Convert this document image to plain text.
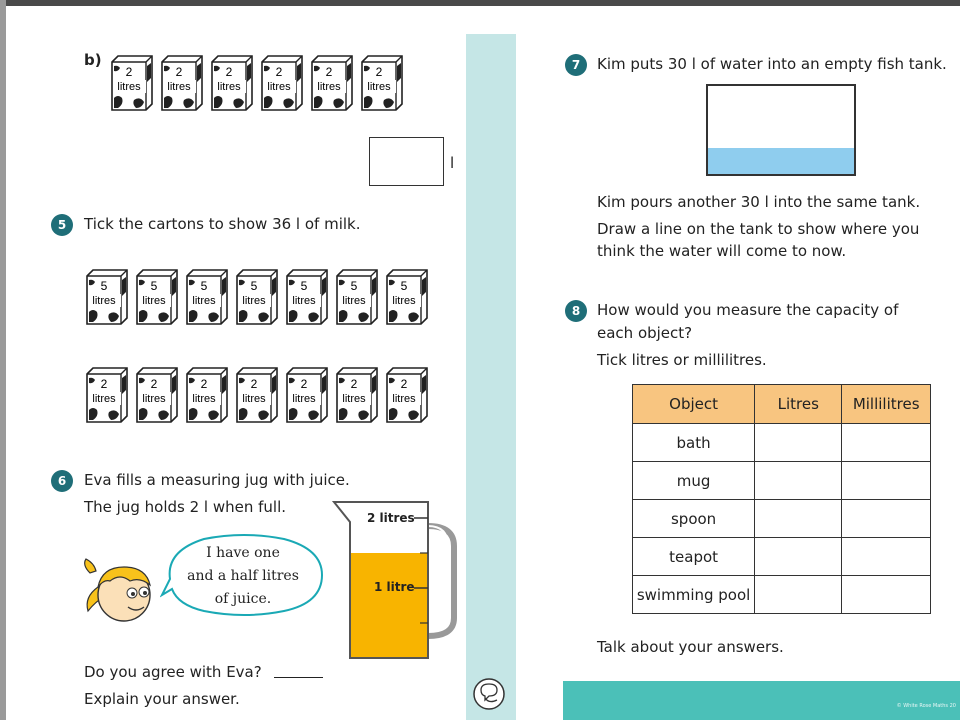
© White Rose Maths 20
b)
2
litres
2
litres
2
litres
2
litres
2
litres
2
litres
l
5	Tick the cartons to show 36 l of milk.
5
litres
5
litres
5
litres
5
litres
5
litres
5
litres
5
litres
2
litres
2
litres
2
litres
2
litres
2
litres
2
litres
2
litres
6	Eva fills a measuring jug with juice.
The jug holds 2 l when full.
I have one
and a half litres
of juice.
2 litres
1 litre
Do you agree with Eva?
Explain your answer.
7	Kim puts 30 l of water into an empty fish tank.
Kim pours another 30 l into the same tank.
Draw a line on the tank to show where you
think the water will come to now.
8	How would you measure the capacity of
each object?
Tick litres or millilitres.
Object	Litres	Millilitres
bath		
mug		
spoon		
teapot		
swimming pool		
Talk about your answers.
